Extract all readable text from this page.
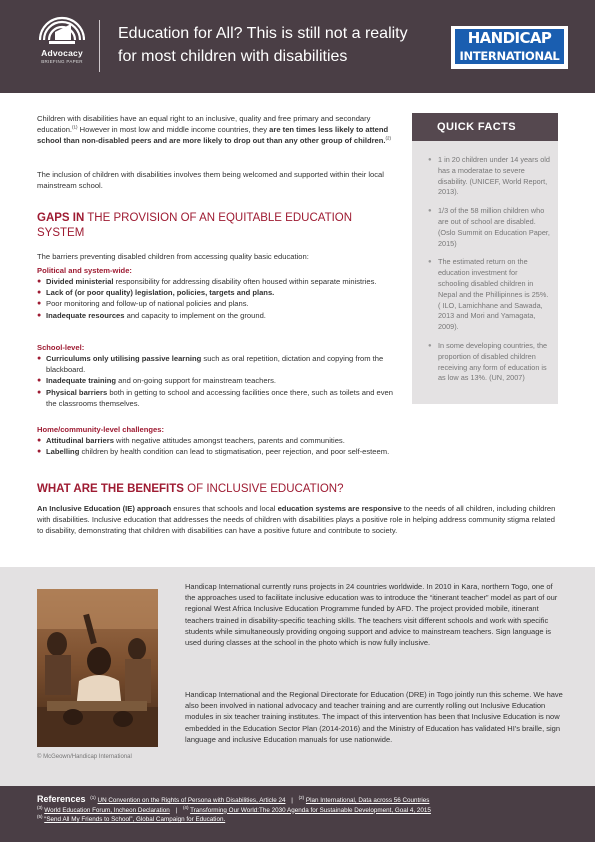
Advocacy
BRIEFING PAPER
Education for All? This is still not a reality for most children with disabilities
HANDICAP
INTERNATIONAL
Children with disabilities have an equal right to an inclusive, quality and free primary and secondary education.$^{(1)}$ However in most low and middle income countries, they are ten times less likely to attend school than non-disabled peers and are more likely to drop out than any other group of children.$^{(2)}$
The inclusion of children with disabilities involves them being welcomed and supported within their local mainstream school.
GAPS IN THE PROVISION OF AN EQUITABLE EDUCATION SYSTEM
The barriers preventing disabled children from accessing quality basic education:
Political and system-wide:
● Divided ministerial responsibility for addressing disability often housed within separate ministries.
● Lack of (or poor quality) legislation, policies, targets and plans.
● Poor monitoring and follow-up of national policies and plans.
● Inadequate resources and capacity to implement on the ground.
School-level:
● Curriculums only utilising passive learning such as oral repetition, dictation and copying from the blackboard.
● Inadequate training and on-going support for mainstream teachers.
● Physical barriers both in getting to school and accessing facilities once there, such as toilets and even the classrooms themselves.
Home/community-level challenges:
● Attitudinal barriers with negative attitudes amongst teachers, parents and communities.
● Labelling children by health condition can lead to stigmatisation, peer rejection, and poor self-esteem.
WHAT ARE THE BENEFITS OF INCLUSIVE EDUCATION?
An Inclusive Education (IE) approach ensures that schools and local education systems are responsive to the needs of all children, including children with disabilities. Inclusive education that addresses the needs of children with disabilities plays a positive role in helping address community stigma related to disability, demonstrating that children with disabilities can have a positive future and contribute to society.
QUICK FACTS
● 1 in 20 children under 14 years old has a moderatae to severe disability. (UNICEF, World Report, 2013).
● 1/3 of the 58 million children who are out of school are disabled. (Oslo Summit on Education Paper, 2015)
● The estimated return on the education investment for schooling disabled children in Nepal and the Phillipinnes is 25%. ( ILO, Lamichhane and Sawada, 2013 and Mori and Yamagata, 2009).
● In some developing countries, the proportion of disabled children receiving any form of education is as low as 13%. (UN, 2007)
© McGeown/Handicap International
Handicap International currently runs projects in 24 countries worldwide. In 2010 in Kara, northern Togo, one of the approaches used to facilitate inclusive education was to introduce the “itinerant teacher” model as part of our regional West Africa Inclusive Education Programme funded by AFD. The project provided mobile, itinerant teachers trained in disability-specific teaching skills. The teachers visit different schools and work with specific students while simultaneously providing ongoing support and advice to mainstream teachers. Sign language is used during classes at the school in the photo which is now fully inclusive.
Handicap International and the Regional Directorate for Education (DRE) in Togo jointly run this scheme. We have also been involved in national advocacy and teacher training and are currently rolling out Inclusive Education modules in six teacher training institutes. The impact of this intervention has been that Inclusive Education is now embedded in the Education Sector Plan (2014-2016) and the Ministry of Education has validated HI's braille, sign language and inclusive Education manuals for use nationwide.
References $^{(1)}$ UN Convention on the Rights of Persona with Disabilities, Article 24 | $^{(2)}$ Plan International, Data across 56 Countries
$^{(3)}$ World Education Forum, Incheon Declaration | $^{(4)}$ Transforming Our World:The 2030 Agenda for Sustainable Development, Goal 4, 2015
$^{(5)}$ “Send All My Friends to School”, Global Campaign for Education.
